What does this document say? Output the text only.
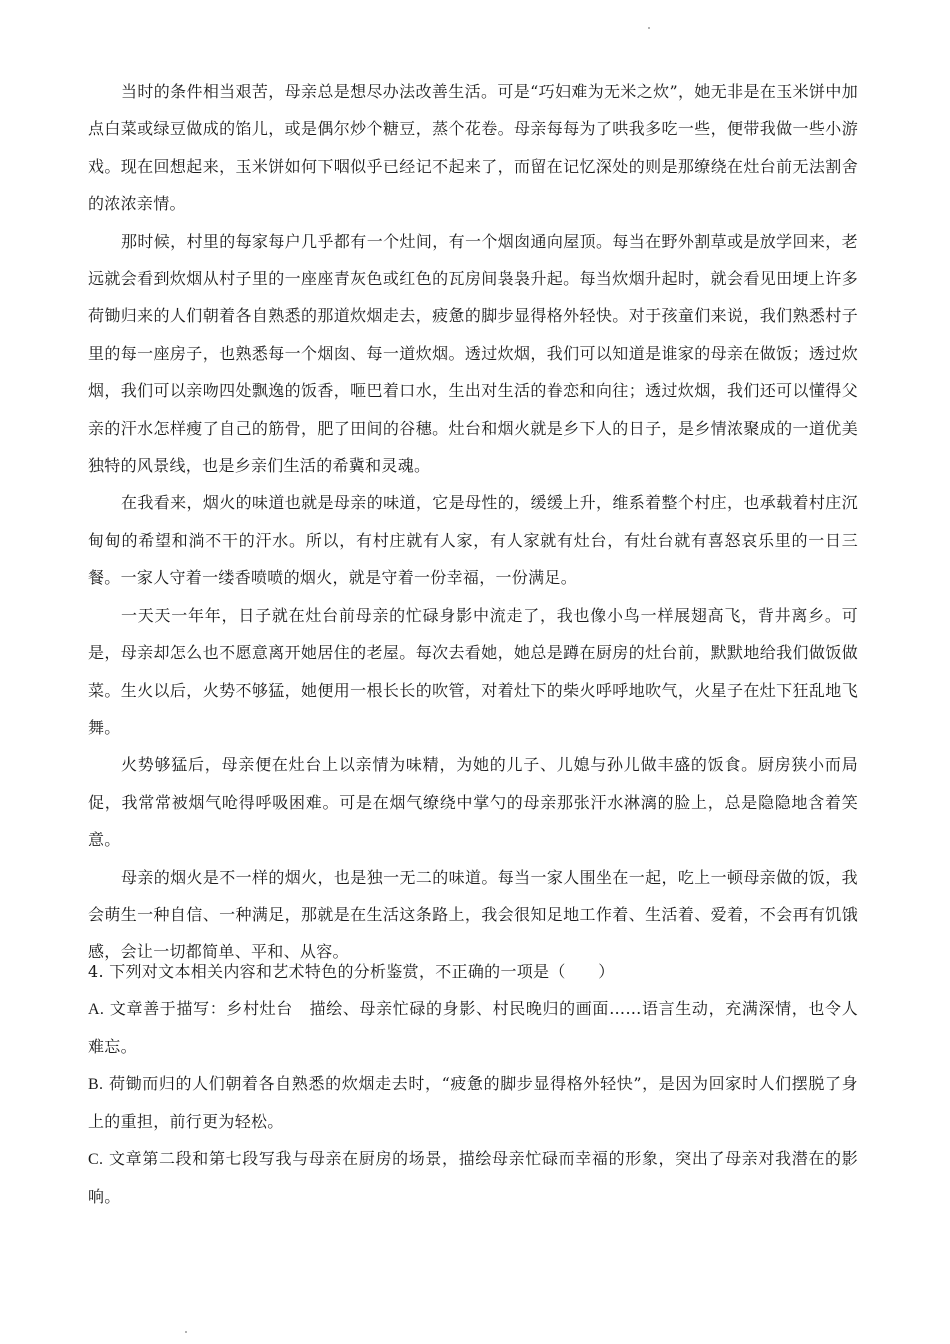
当时的条件相当艰苦，母亲总是想尽办法改善生活。可是“巧妇难为无米之炊”，她无非是在玉米饼中加点白菜或绿豆做成的馅儿，或是偶尔炒个糖豆，蒸个花卷。母亲每每为了哄我多吃一些，便带我做一些小游戏。现在回想起来，玉米饼如何下咽似乎已经记不起来了，而留在记忆深处的则是那缭绕在灶台前无法割舍的浓浓亲情。

那时候，村里的每家每户几乎都有一个灶间，有一个烟囱通向屋顶。每当在野外割草或是放学回来，老远就会看到炊烟从村子里的一座座青灰色或红色的瓦房间袅袅升起。每当炊烟升起时，就会看见田埂上许多荷锄归来的人们朝着各自熟悉的那道炊烟走去，疲惫的脚步显得格外轻快。对于孩童们来说，我们熟悉村子里的每一座房子，也熟悉每一个烟囱、每一道炊烟。透过炊烟，我们可以知道是谁家的母亲在做饭；透过炊烟，我们可以亲吻四处飘逸的饭香，咂巴着口水，生出对生活的眷恋和向往；透过炊烟，我们还可以懂得父亲的汗水怎样瘦了自己的筋骨，肥了田间的谷穗。灶台和烟火就是乡下人的日子，是乡情浓聚成的一道优美独特的风景线，也是乡亲们生活的希冀和灵魂。

在我看来，烟火的味道也就是母亲的味道，它是母性的，缓缓上升，维系着整个村庄，也承载着村庄沉甸甸的希望和淌不干的汗水。所以，有村庄就有人家，有人家就有灶台，有灶台就有喜怒哀乐里的一日三餐。一家人守着一缕香喷喷的烟火，就是守着一份幸福，一份满足。

一天天一年年，日子就在灶台前母亲的忙碌身影中流走了，我也像小鸟一样展翅高飞，背井离乡。可是，母亲却怎么也不愿意离开她居住的老屋。每次去看她，她总是蹲在厨房的灶台前，默默地给我们做饭做菜。生火以后，火势不够猛，她便用一根长长的吹管，对着灶下的柴火呼呼地吹气，火星子在灶下狂乱地飞舞。

火势够猛后，母亲便在灶台上以亲情为味精，为她的儿子、儿媳与孙儿做丰盛的饭食。厨房狭小而局促，我常常被烟气呛得呼吸困难。可是在烟气缭绕中掌勺的母亲那张汗水淋漓的脸上，总是隐隐地含着笑意。

母亲的烟火是不一样的烟火，也是独一无二的味道。每当一家人围坐在一起，吃上一顿母亲做的饭，我会萌生一种自信、一种满足，那就是在生活这条路上，我会很知足地工作着、生活着、爱着，不会再有饥饿感，会让一切都简单、平和、从容。

4. 下列对文本相关内容和艺术特色的分析鉴赏，不正确的一项是（　　）

A. 文章善于描写：乡村灶台　描绘、母亲忙碌的身影、村民晚归的画面……语言生动，充满深情，也令人难忘。

B. 荷锄而归的人们朝着各自熟悉的炊烟走去时，“疲惫的脚步显得格外轻快”，是因为回家时人们摆脱了身上的重担，前行更为轻松。

C. 文章第二段和第七段写我与母亲在厨房的场景，描绘母亲忙碌而幸福的形象，突出了母亲对我潜在的影响。
